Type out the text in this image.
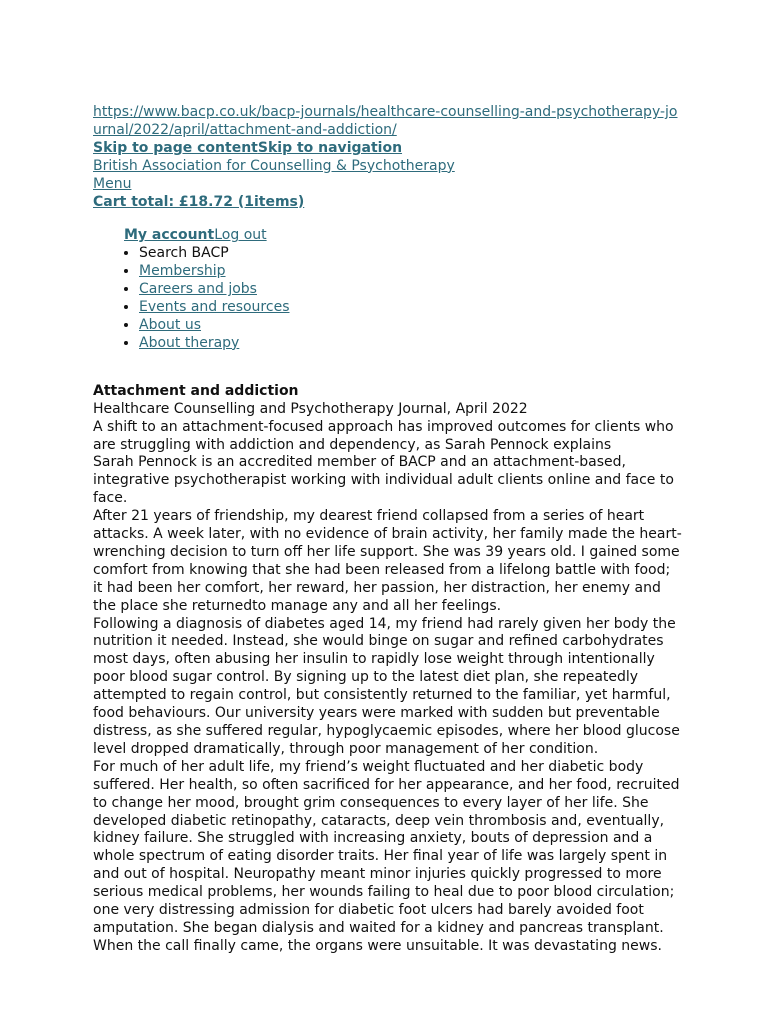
https://www.bacp.co.uk/bacp-journals/healthcare-counselling-and-psychotherapy-journal/2022/april/attachment-and-addiction/
Skip to page contentSkip to navigation
British Association for Counselling & Psychotherapy
Menu
Cart total: £18.72 (1items)
My accountLog out
• Search BACP
• Membership
• Careers and jobs
• Events and resources
• About us
• About therapy
Attachment and addiction

Healthcare Counselling and Psychotherapy Journal, April 2022

A shift to an attachment-focused approach has improved outcomes for clients who are struggling with addiction and dependency, as Sarah Pennock explains

Sarah Pennock is an accredited member of BACP and an attachment-based, integrative psychotherapist working with individual adult clients online and face to face.

After 21 years of friendship, my dearest friend collapsed from a series of heart attacks. A week later, with no evidence of brain activity, her family made the heart-wrenching decision to turn off her life support. She was 39 years old. I gained some comfort from knowing that she had been released from a lifelong battle with food; it had been her comfort, her reward, her passion, her distraction, her enemy and the place she returnedto manage any and all her feelings.

Following a diagnosis of diabetes aged 14, my friend had rarely given her body the nutrition it needed. Instead, she would binge on sugar and refined carbohydrates most days, often abusing her insulin to rapidly lose weight through intentionally poor blood sugar control. By signing up to the latest diet plan, she repeatedly attempted to regain control, but consistently returned to the familiar, yet harmful, food behaviours. Our university years were marked with sudden but preventable distress, as she suffered regular, hypoglycaemic episodes, where her blood glucose level dropped dramatically, through poor management of her condition.

For much of her adult life, my friend’s weight fluctuated and her diabetic body suffered. Her health, so often sacrificed for her appearance, and her food, recruited to change her mood, brought grim consequences to every layer of her life. She developed diabetic retinopathy, cataracts, deep vein thrombosis and, eventually, kidney failure. She struggled with increasing anxiety, bouts of depression and a whole spectrum of eating disorder traits. Her final year of life was largely spent in and out of hospital. Neuropathy meant minor injuries quickly progressed to more serious medical problems, her wounds failing to heal due to poor blood circulation; one very distressing admission for diabetic foot ulcers had barely avoided foot amputation. She began dialysis and waited for a kidney and pancreas transplant. When the call finally came, the organs were unsuitable. It was devastating news.
